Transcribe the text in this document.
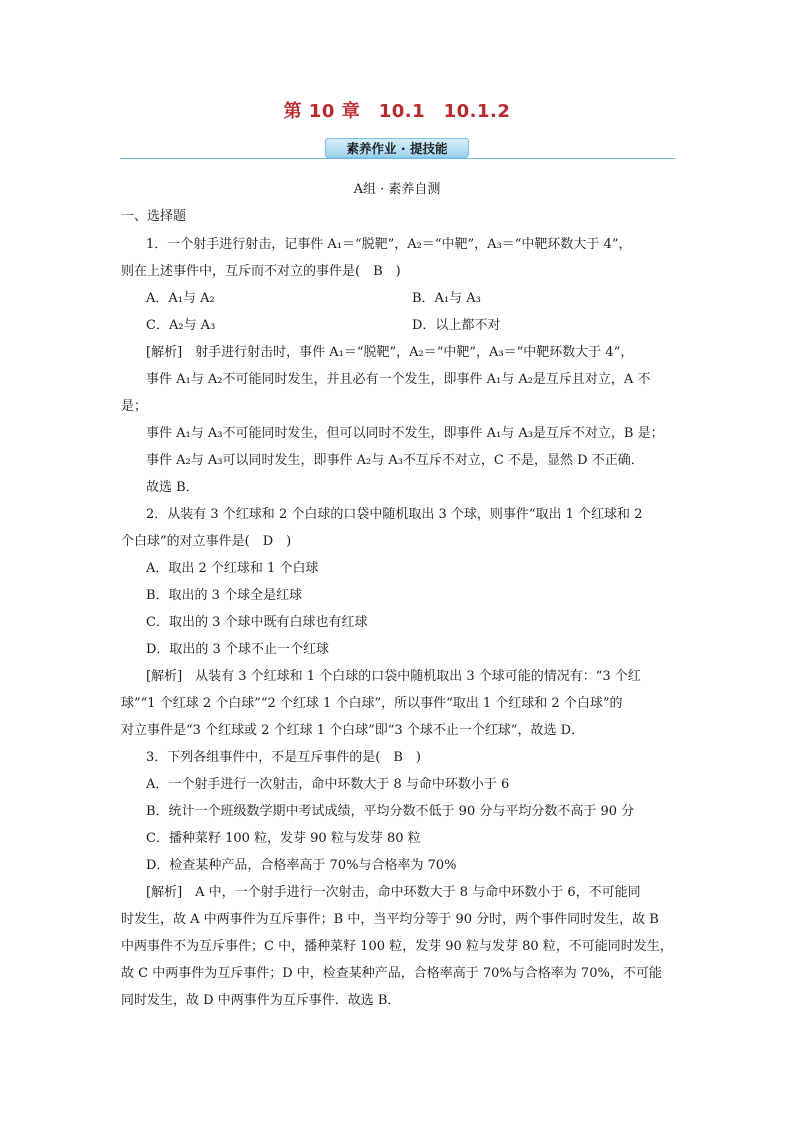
第 10 章　10.1　10.1.2
素养作业 · 提技能
A组 · 素养自测
一、选择题
1．一个射手进行射击，记事件 A₁＝“脱靶”，A₂＝“中靶”，A₃＝“中靶环数大于 4”，
则在上述事件中，互斥而不对立的事件是(　B　)
A．A₁与 A₂	B．A₁与 A₃
C．A₂与 A₃	D．以上都不对
[解析]　射手进行射击时，事件 A₁＝“脱靶”，A₂＝“中靶”，A₃＝“中靶环数大于 4”，
事件 A₁与 A₂不可能同时发生，并且必有一个发生，即事件 A₁与 A₂是互斥且对立，A 不
是；
事件 A₁与 A₃不可能同时发生，但可以同时不发生，即事件 A₁与 A₃是互斥不对立，B 是；
事件 A₂与 A₃可以同时发生，即事件 A₂与 A₃不互斥不对立，C 不是，显然 D 不正确．
故选 B．
2．从装有 3 个红球和 2 个白球的口袋中随机取出 3 个球，则事件“取出 1 个红球和 2
个白球”的对立事件是(　D　)
A．取出 2 个红球和 1 个白球
B．取出的 3 个球全是红球
C．取出的 3 个球中既有白球也有红球
D．取出的 3 个球不止一个红球
[解析]　从装有 3 个红球和 1 个白球的口袋中随机取出 3 个球可能的情况有：“3 个红
球”“1 个红球 2 个白球”“2 个红球 1 个白球”，所以事件“取出 1 个红球和 2 个白球”的
对立事件是“3 个红球或 2 个红球 1 个白球”即“3 个球不止一个红球”，故选 D．
3．下列各组事件中，不是互斥事件的是(　B　)
A．一个射手进行一次射击，命中环数大于 8 与命中环数小于 6
B．统计一个班级数学期中考试成绩，平均分数不低于 90 分与平均分数不高于 90 分
C．播种菜籽 100 粒，发芽 90 粒与发芽 80 粒
D．检查某种产品，合格率高于 70%与合格率为 70%
[解析]　A 中，一个射手进行一次射击，命中环数大于 8 与命中环数小于 6，不可能同
时发生，故 A 中两事件为互斥事件；B 中，当平均分等于 90 分时，两个事件同时发生，故 B
中两事件不为互斥事件；C 中，播种菜籽 100 粒，发芽 90 粒与发芽 80 粒，不可能同时发生，
故 C 中两事件为互斥事件；D 中，检查某种产品，合格率高于 70%与合格率为 70%，不可能
同时发生，故 D 中两事件为互斥事件．故选 B．
